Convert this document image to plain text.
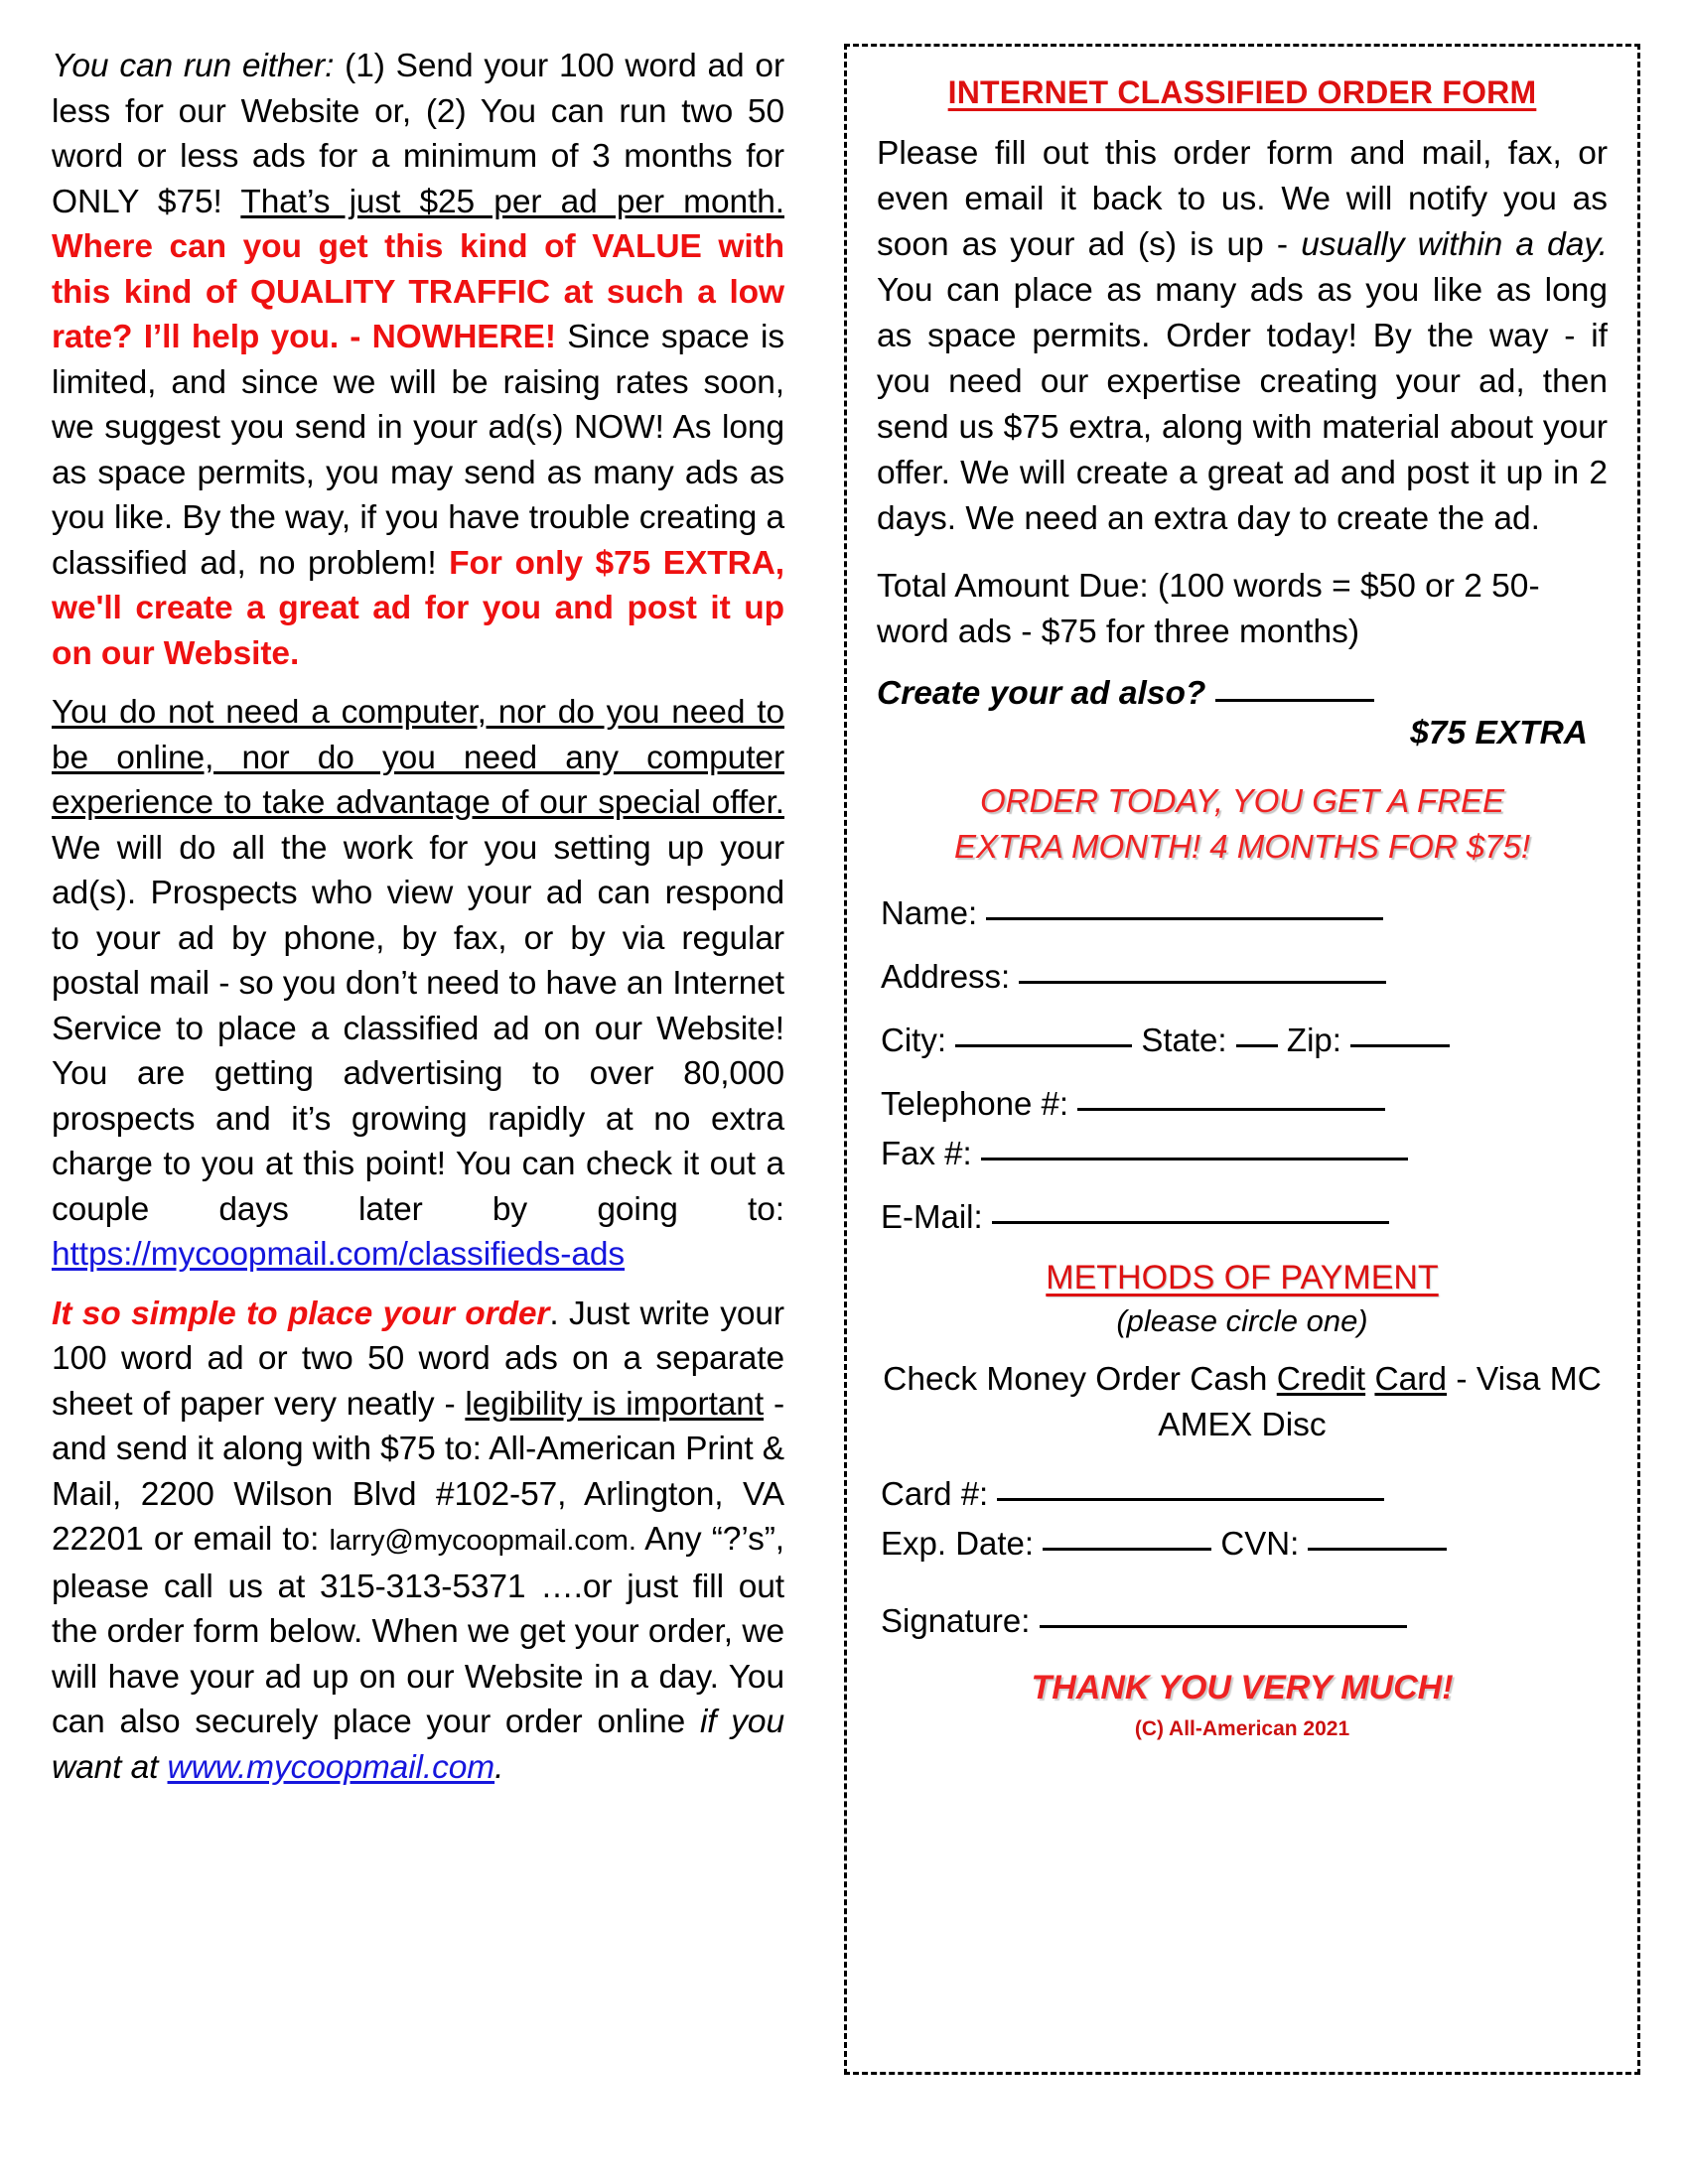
You can run either: (1) Send your 100 word ad or less for our Website or, (2) You can run two 50 word or less ads for a minimum of 3 months for ONLY $75! That’s just $25 per ad per month. Where can you get this kind of VALUE with this kind of QUALITY TRAFFIC at such a low rate? I’ll help you. - NOWHERE! Since space is limited, and since we will be raising rates soon, we suggest you send in your ad(s) NOW! As long as space permits, you may send as many ads as you like. By the way, if you have trouble creating a classified ad, no problem! For only $75 EXTRA, we'll create a great ad for you and post it up on our Website.

You do not need a computer, nor do you need to be online, nor do you need any computer experience to take advantage of our special offer. We will do all the work for you setting up your ad(s). Prospects who view your ad can respond to your ad by phone, by fax, or by via regular postal mail - so you don’t need to have an Internet Service to place a classified ad on our Website! You are getting advertising to over 80,000 prospects and it’s growing rapidly at no extra charge to you at this point! You can check it out a couple days later by going to: https://mycoopmail.com/classifieds-ads

It so simple to place your order. Just write your 100 word ad or two 50 word ads on a separate sheet of paper very neatly - legibility is important - and send it along with $75 to: All-American Print & Mail, 2200 Wilson Blvd #102-57, Arlington, VA 22201 or email to: larry@mycoopmail.com. Any “?’s”, please call us at 315-313-5371 ….or just fill out the order form below. When we get your order, we will have your ad up on our Website in a day. You can also securely place your order online if you want at www.mycoopmail.com.

INTERNET CLASSIFIED ORDER FORM

Please fill out this order form and mail, fax, or even email it back to us. We will notify you as soon as your ad (s) is up - usually within a day. You can place as many ads as you like as long as space permits. Order today! By the way - if you need our expertise creating your ad, then send us $75 extra, along with material about your offer. We will create a great ad and post it up in 2 days. We need an extra day to create the ad.

Total Amount Due: (100 words = $50 or 2 50-word ads - $75 for three months)
Create your ad also?
$75 EXTRA
ORDER TODAY, YOU GET A FREE
EXTRA MONTH! 4 MONTHS FOR $75!
Name:
Address:
City:	State: Zip:
Telephone #:
Fax #:
E-Mail:
METHODS OF PAYMENT
(please circle one)
Check Money Order Cash Credit Card - Visa MC AMEX Disc
Card #:
Exp. Date:	CVN:
Signature:
THANK YOU VERY MUCH!
(C) All-American 2021
